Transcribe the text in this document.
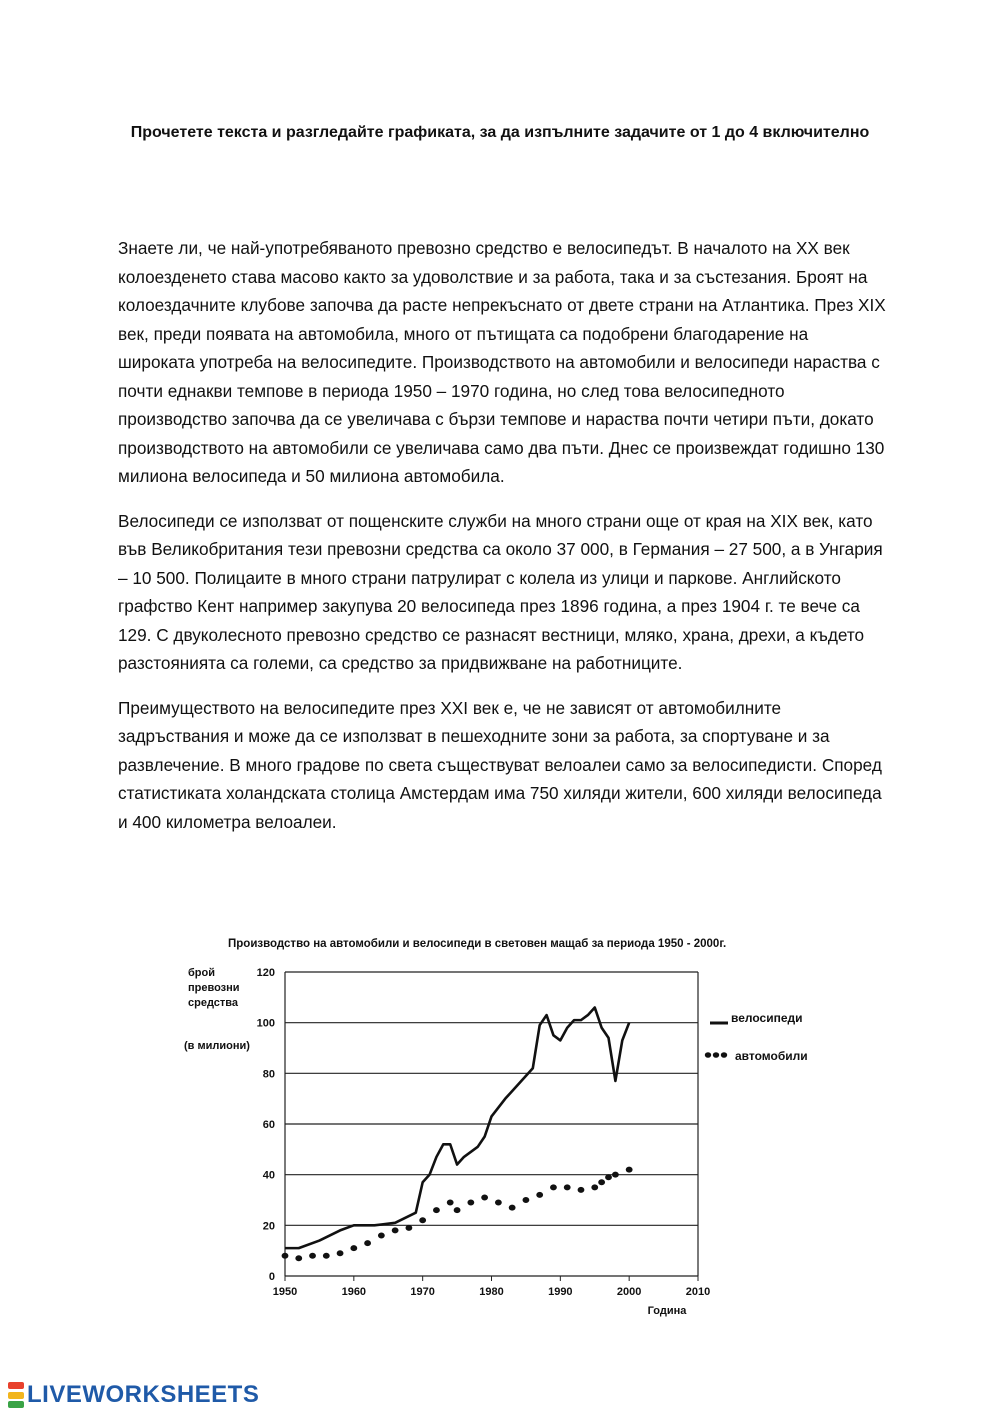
Прочетете текста и разгледайте графиката, за да изпълните задачите от 1 до 4 включително

Знаете ли, че най-употребяваното превозно средство е велосипедът. В началото на XX век колоезденето става масово както за удоволствие и за работа, така и за състезания. Броят на колоездачните клубове започва да расте непрекъснато от двете страни на Атлантика. През XIX век, преди появата на автомобила, много от пътищата са подобрени благодарение на широката употреба на велосипедите. Производството на автомобили и велосипеди нараства с почти еднакви темпове в периода 1950 – 1970 година, но след това велосипедното производство започва да се увеличава с бързи темпове и нараства почти четири пъти, докато производството на автомобили се увеличава само два пъти. Днес се произвеждат годишно 130 милиона велосипеда и 50 милиона автомобила.

Велосипеди се използват от пощенските служби на много страни още от края на XIX век, като във Великобритания тези превозни средства са около 37 000, в Германия – 27 500, а в Унгария – 10 500. Полицаите в много страни патрулират с колела из улици и паркове. Английското графство Кент например закупува 20 велосипеда през 1896 година, а през 1904 г. те вече са 129. С двуколесното превозно средство се разнасят вестници, мляко, храна, дрехи, а където разстоянията са големи, са средство за придвижване на работниците.

Преимуществото на велосипедите през XXI век е, че не зависят от автомобилните задръствания и може да се използват в пешеходните зони за работа, за спортуване и за развлечение. В много градове по света съществуват велоалеи само за велосипедисти. Според статистиката холандската столица Амстердам има 750 хиляди жители, 600 хиляди велосипеда и 400 километра велоалеи.

Производство на автомобили и велосипеди в световен мащаб за периода 1950 - 2000г.
брой
превозни
средства
(в милиони)
0
20
40
60
80
100
120
1950	1960	1970	1980	1990	2000	2010
Година
велосипеди
автомобили
LIVEWORKSHEETS
